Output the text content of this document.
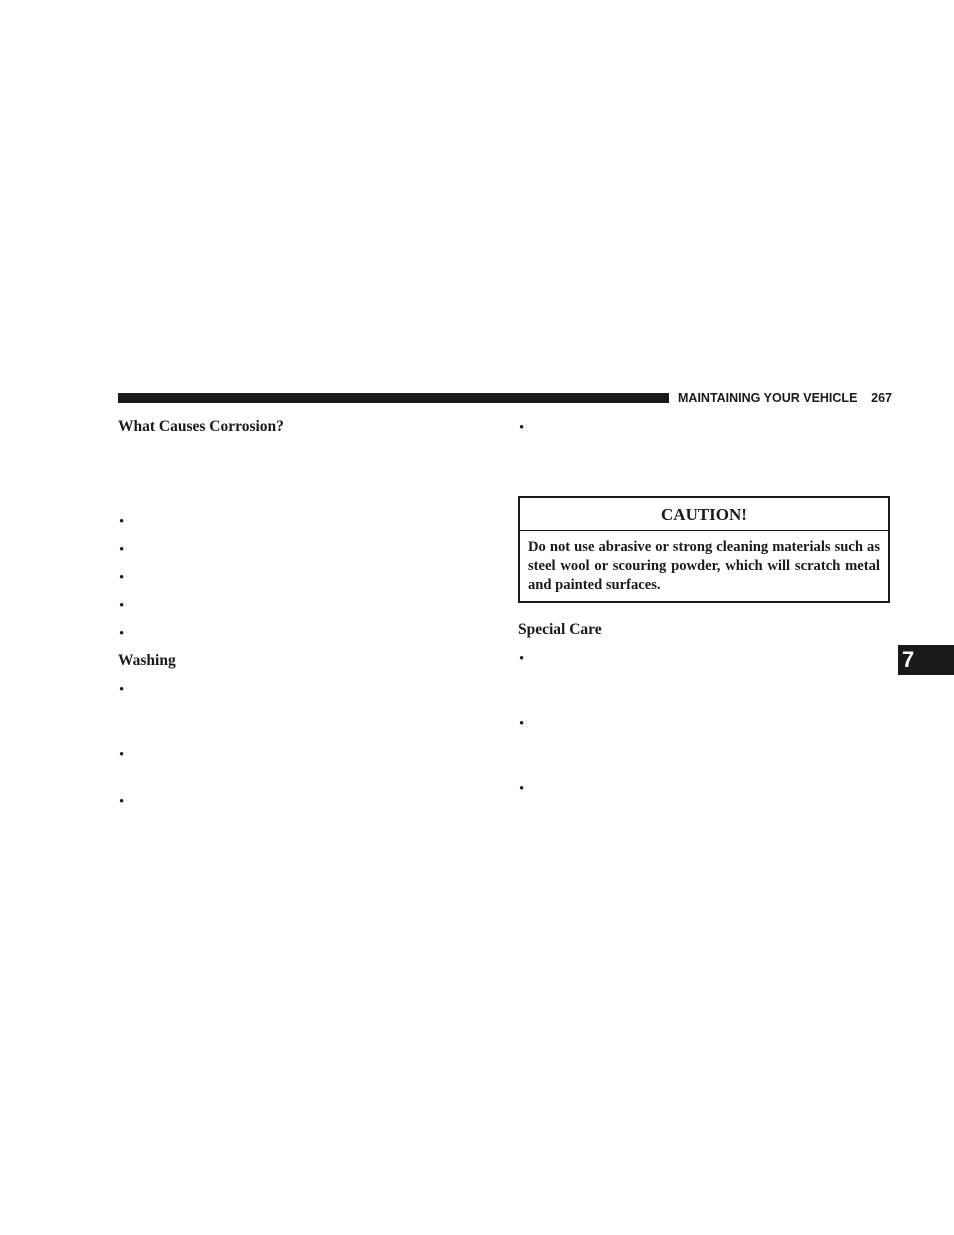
MAINTAINING YOUR VEHICLE 267
What Causes Corrosion?
•
•
•
•
•
Washing
•
•
•
•
CAUTION!
Do not use abrasive or strong cleaning materials such as steel wool or scouring powder, which will scratch metal and painted surfaces.
Special Care
•
•
•
7
